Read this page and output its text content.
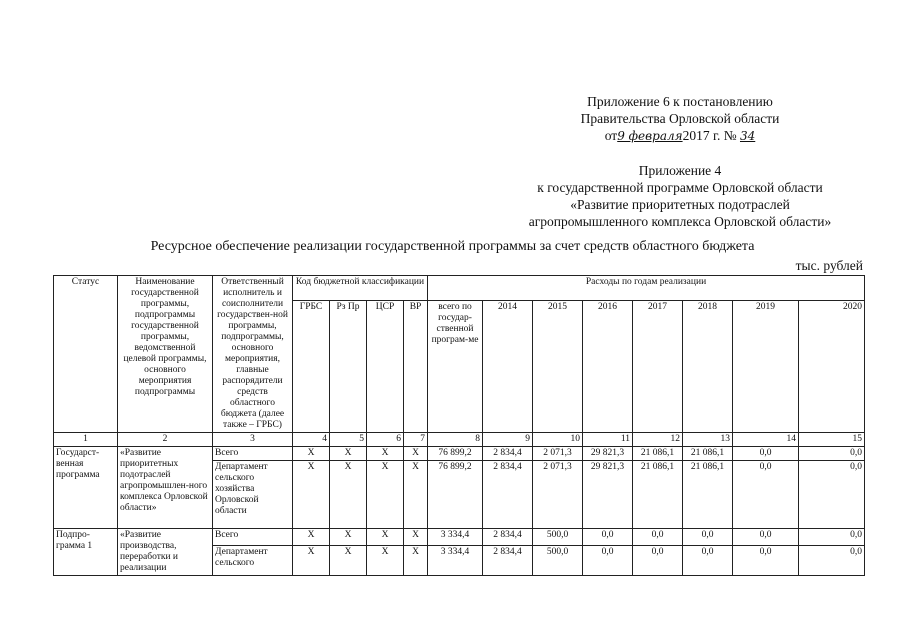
Приложение 6 к постановлению
Правительства Орловской области
от9 февраля2017 г. № 34
Приложение 4
к государственной программе Орловской области
«Развитие приоритетных подотраслей
агропромышленного комплекса Орловской области»
Ресурсное обеспечение реализации государственной программы за счет средств областного бюджета
тыс. рублей
Статус	Наименование государственной программы, подпрограммы государственной программы, ведомственной целевой программы, основного мероприятия подпрограммы	Ответственный исполнитель и соисполнители государствен-ной программы, подпрограммы, основного мероприятия, главные распорядители средств областного бюджета (далее также – ГРБС)	Код бюджетной классификации				Расходы по годам реализации							
			ГРБС	Рз Пр	ЦСР	ВР	всего по государ-ственной програм-ме	2014	2015	2016	2017	2018	2019	2020
1	2	3	4	5	6	7	8	9	10	11	12	13	14	15
Государст-венная программа	«Развитие приоритетных подотраслей агропромышлен-ного комплекса Орловской области»	Всего	X	X	X	X	76 899,2	2 834,4	2 071,3	29 821,3	21 086,1	21 086,1	0,0	0,0
		Департамент сельского хозяйства Орловской области	X	X	X	X	76 899,2	2 834,4	2 071,3	29 821,3	21 086,1	21 086,1	0,0	0,0
Подпро-грамма 1	«Развитие производства, переработки и реализации	Всего	X	X	X	X	3 334,4	2 834,4	500,0	0,0	0,0	0,0	0,0	0,0
		Департамент сельского	X	X	X	X	3 334,4	2 834,4	500,0	0,0	0,0	0,0	0,0	0,0
